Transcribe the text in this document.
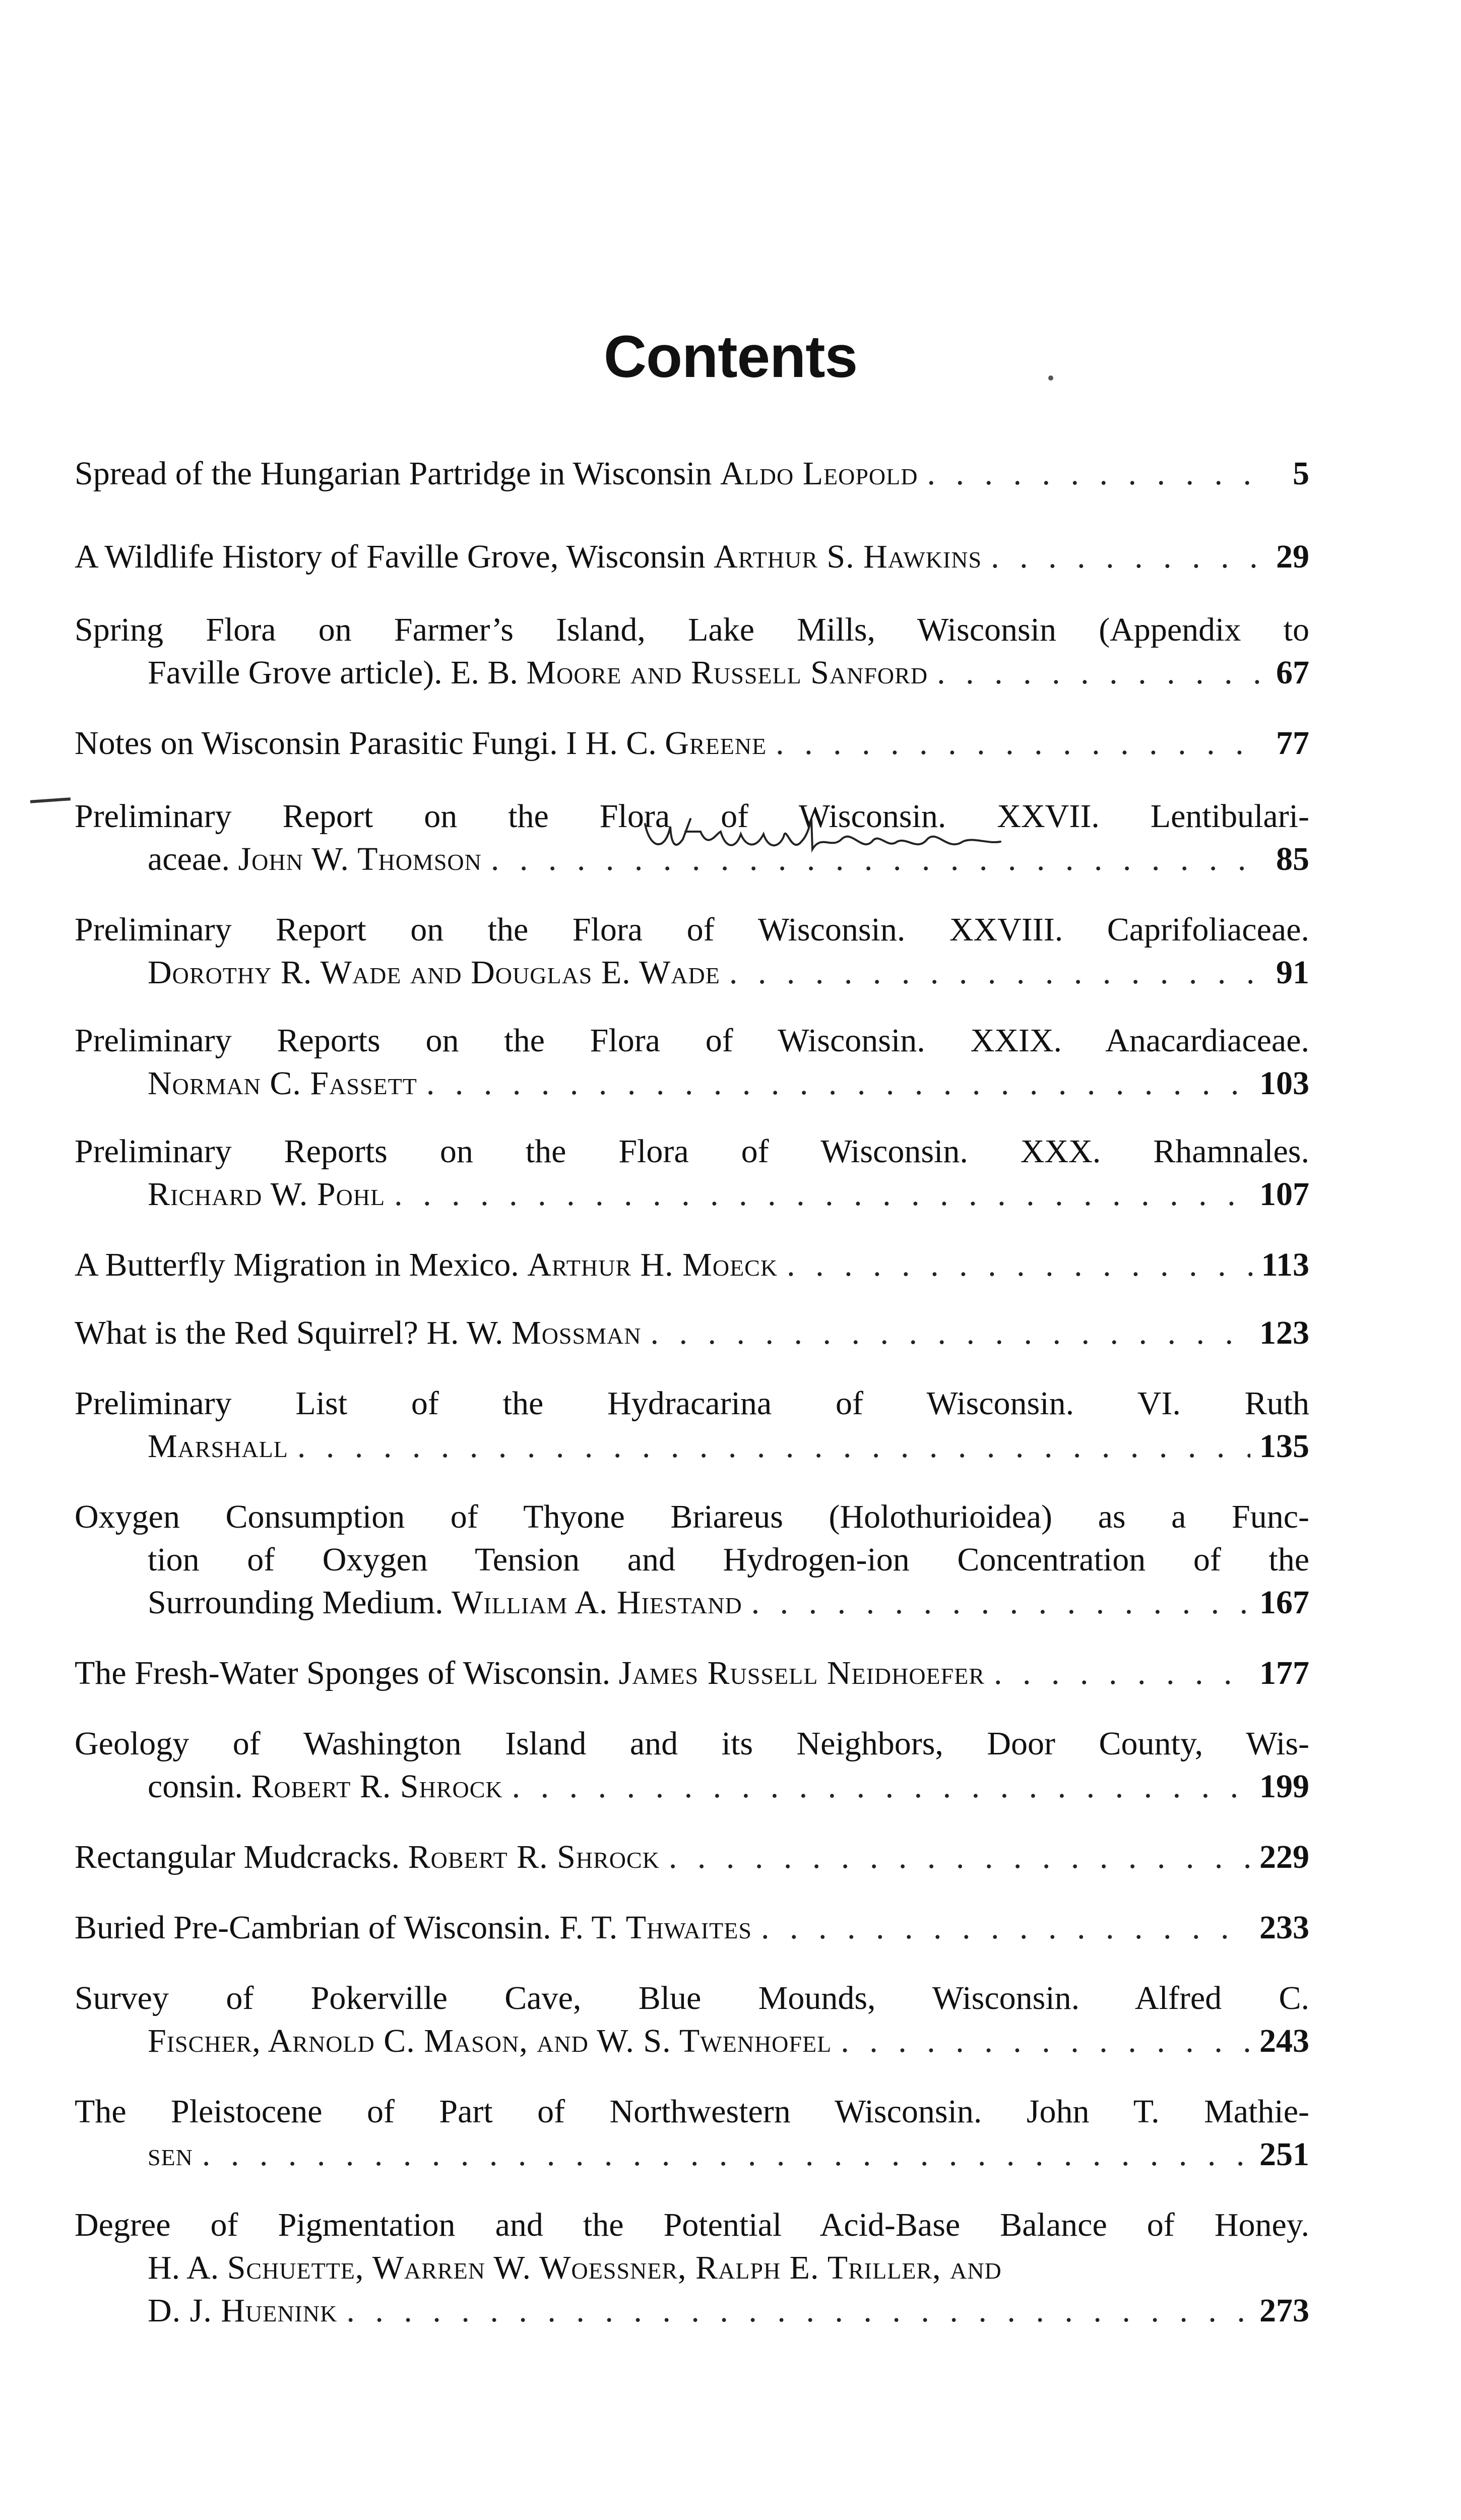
Contents
Spread of the Hungarian Partridge in Wisconsin
Aldo Leopold . . .	5
A Wildlife History of Faville Grove, Wisconsin
Arthur S. Hawkins . . .	29
Spring Flora on Farmer’s Island, Lake Mills, Wisconsin (Appendix to
Faville Grove article). E. B.
Moore and Russell Sanford . . .	67
Notes on Wisconsin Parasitic Fungi. I H. C.
Greene . . .	77
Preliminary Report on the Flora of Wisconsin. XXVII. Lentibulari-
aceae.
John W. Thomson . . .	85
Preliminary Report on the Flora of Wisconsin. XXVIII. Caprifoliaceae.
Dorothy R. Wade and Douglas E. Wade . . .	91
Preliminary Reports on the Flora of Wisconsin. XXIX. Anacardiaceae.
Norman C. Fassett . . .	103
Preliminary Reports on the Flora of Wisconsin. XXX. Rhamnales.
Richard W. Pohl . . .	107
A Butterfly Migration in Mexico.
Arthur H. Moeck . . .	113
What is the Red Squirrel? H. W.
Mossman . . .	123
Preliminary List of the Hydracarina of Wisconsin. VI. Ruth
Marshall . . .	135
Oxygen Consumption of Thyone Briareus (Holothurioidea) as a Func-
tion of Oxygen Tension and Hydrogen-ion Concentration of the
Surrounding Medium.
William A. Hiestand . . .	167
The Fresh-Water Sponges of Wisconsin.
James Russell Neidhoefer . . .	177
Geology of Washington Island and its Neighbors, Door County, Wis-
consin.
Robert R. Shrock . . .	199
Rectangular Mudcracks.
Robert R. Shrock . . .	229
Buried Pre-Cambrian of Wisconsin. F. T.
Thwaites . . .	233
Survey of Pokerville Cave, Blue Mounds, Wisconsin. Alfred C.
Fischer, Arnold C. Mason, and W. S. Twenhofel . . .	243
The Pleistocene of Part of Northwestern Wisconsin. John T. Mathie-
sen . . .	251
Degree of Pigmentation and the Potential Acid-Base Balance of Honey.
H. A.
Schuette, Warren W. Woessner, Ralph E. Triller, and
D. J. Huenink . . .	273
